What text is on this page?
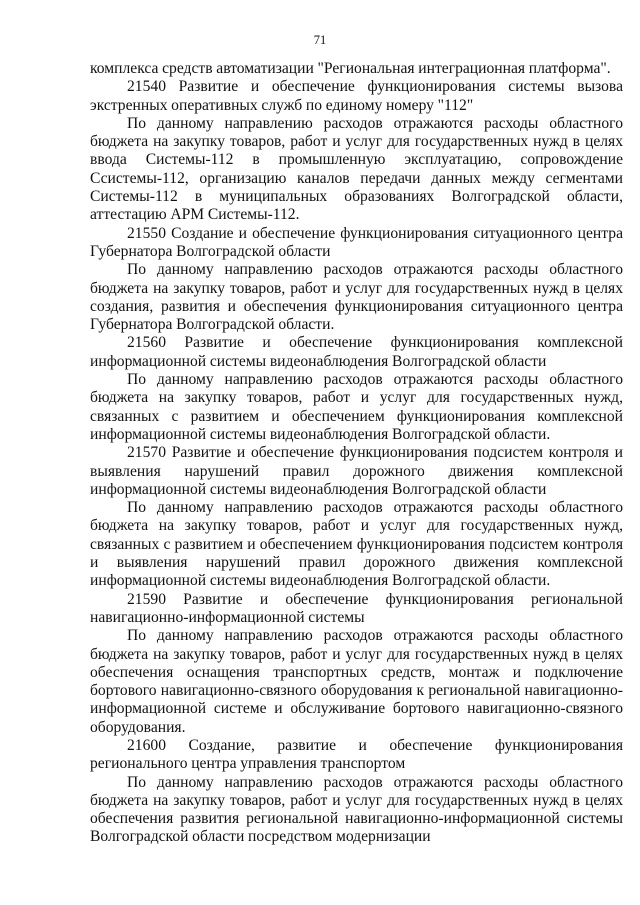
71

комплекса средств автоматизации "Региональная интеграционная платформа".

21540 Развитие и обеспечение функционирования системы вызова экстренных оперативных служб по единому номеру "112"

По данному направлению расходов отражаются расходы областного бюджета на закупку товаров, работ и услуг для государственных нужд в целях ввода Системы-112 в промышленную эксплуатацию, сопровождение Ссистемы-112, организацию каналов передачи данных между сегментами Системы-112 в муниципальных образованиях Волгоградской области, аттестацию АРМ Системы-112.

21550 Создание и обеспечение функционирования ситуационного центра Губернатора Волгоградской области

По данному направлению расходов отражаются расходы областного бюджета на закупку товаров, работ и услуг для государственных нужд в целях создания, развития и обеспечения функционирования ситуационного центра Губернатора Волгоградской области.

21560 Развитие и обеспечение функционирования комплексной информационной системы видеонаблюдения Волгоградской области

По данному направлению расходов отражаются расходы областного бюджета на закупку товаров, работ и услуг для государственных нужд, связанных с развитием и обеспечением функционирования комплексной информационной системы видеонаблюдения Волгоградской области.

21570 Развитие и обеспечение функционирования подсистем контроля и выявления нарушений правил дорожного движения комплексной информационной системы видеонаблюдения Волгоградской области

По данному направлению расходов отражаются расходы областного бюджета на закупку товаров, работ и услуг для государственных нужд, связанных с развитием и обеспечением функционирования подсистем контроля и выявления нарушений правил дорожного движения комплексной информационной системы видеонаблюдения Волгоградской области.

21590 Развитие и обеспечение функционирования региональной навигационно-информационной системы

По данному направлению расходов отражаются расходы областного бюджета на закупку товаров, работ и услуг для государственных нужд в целях обеспечения оснащения транспортных средств, монтаж и подключение бортового навигационно-связного оборудования к региональной навигационно-информационной системе и обслуживание бортового навигационно-связного оборудования.

21600 Создание, развитие и обеспечение функционирования регионального центра управления транспортом

По данному направлению расходов отражаются расходы областного бюджета на закупку товаров, работ и услуг для государственных нужд в целях обеспечения развития региональной навигационно-информационной системы Волгоградской области посредством модернизации
